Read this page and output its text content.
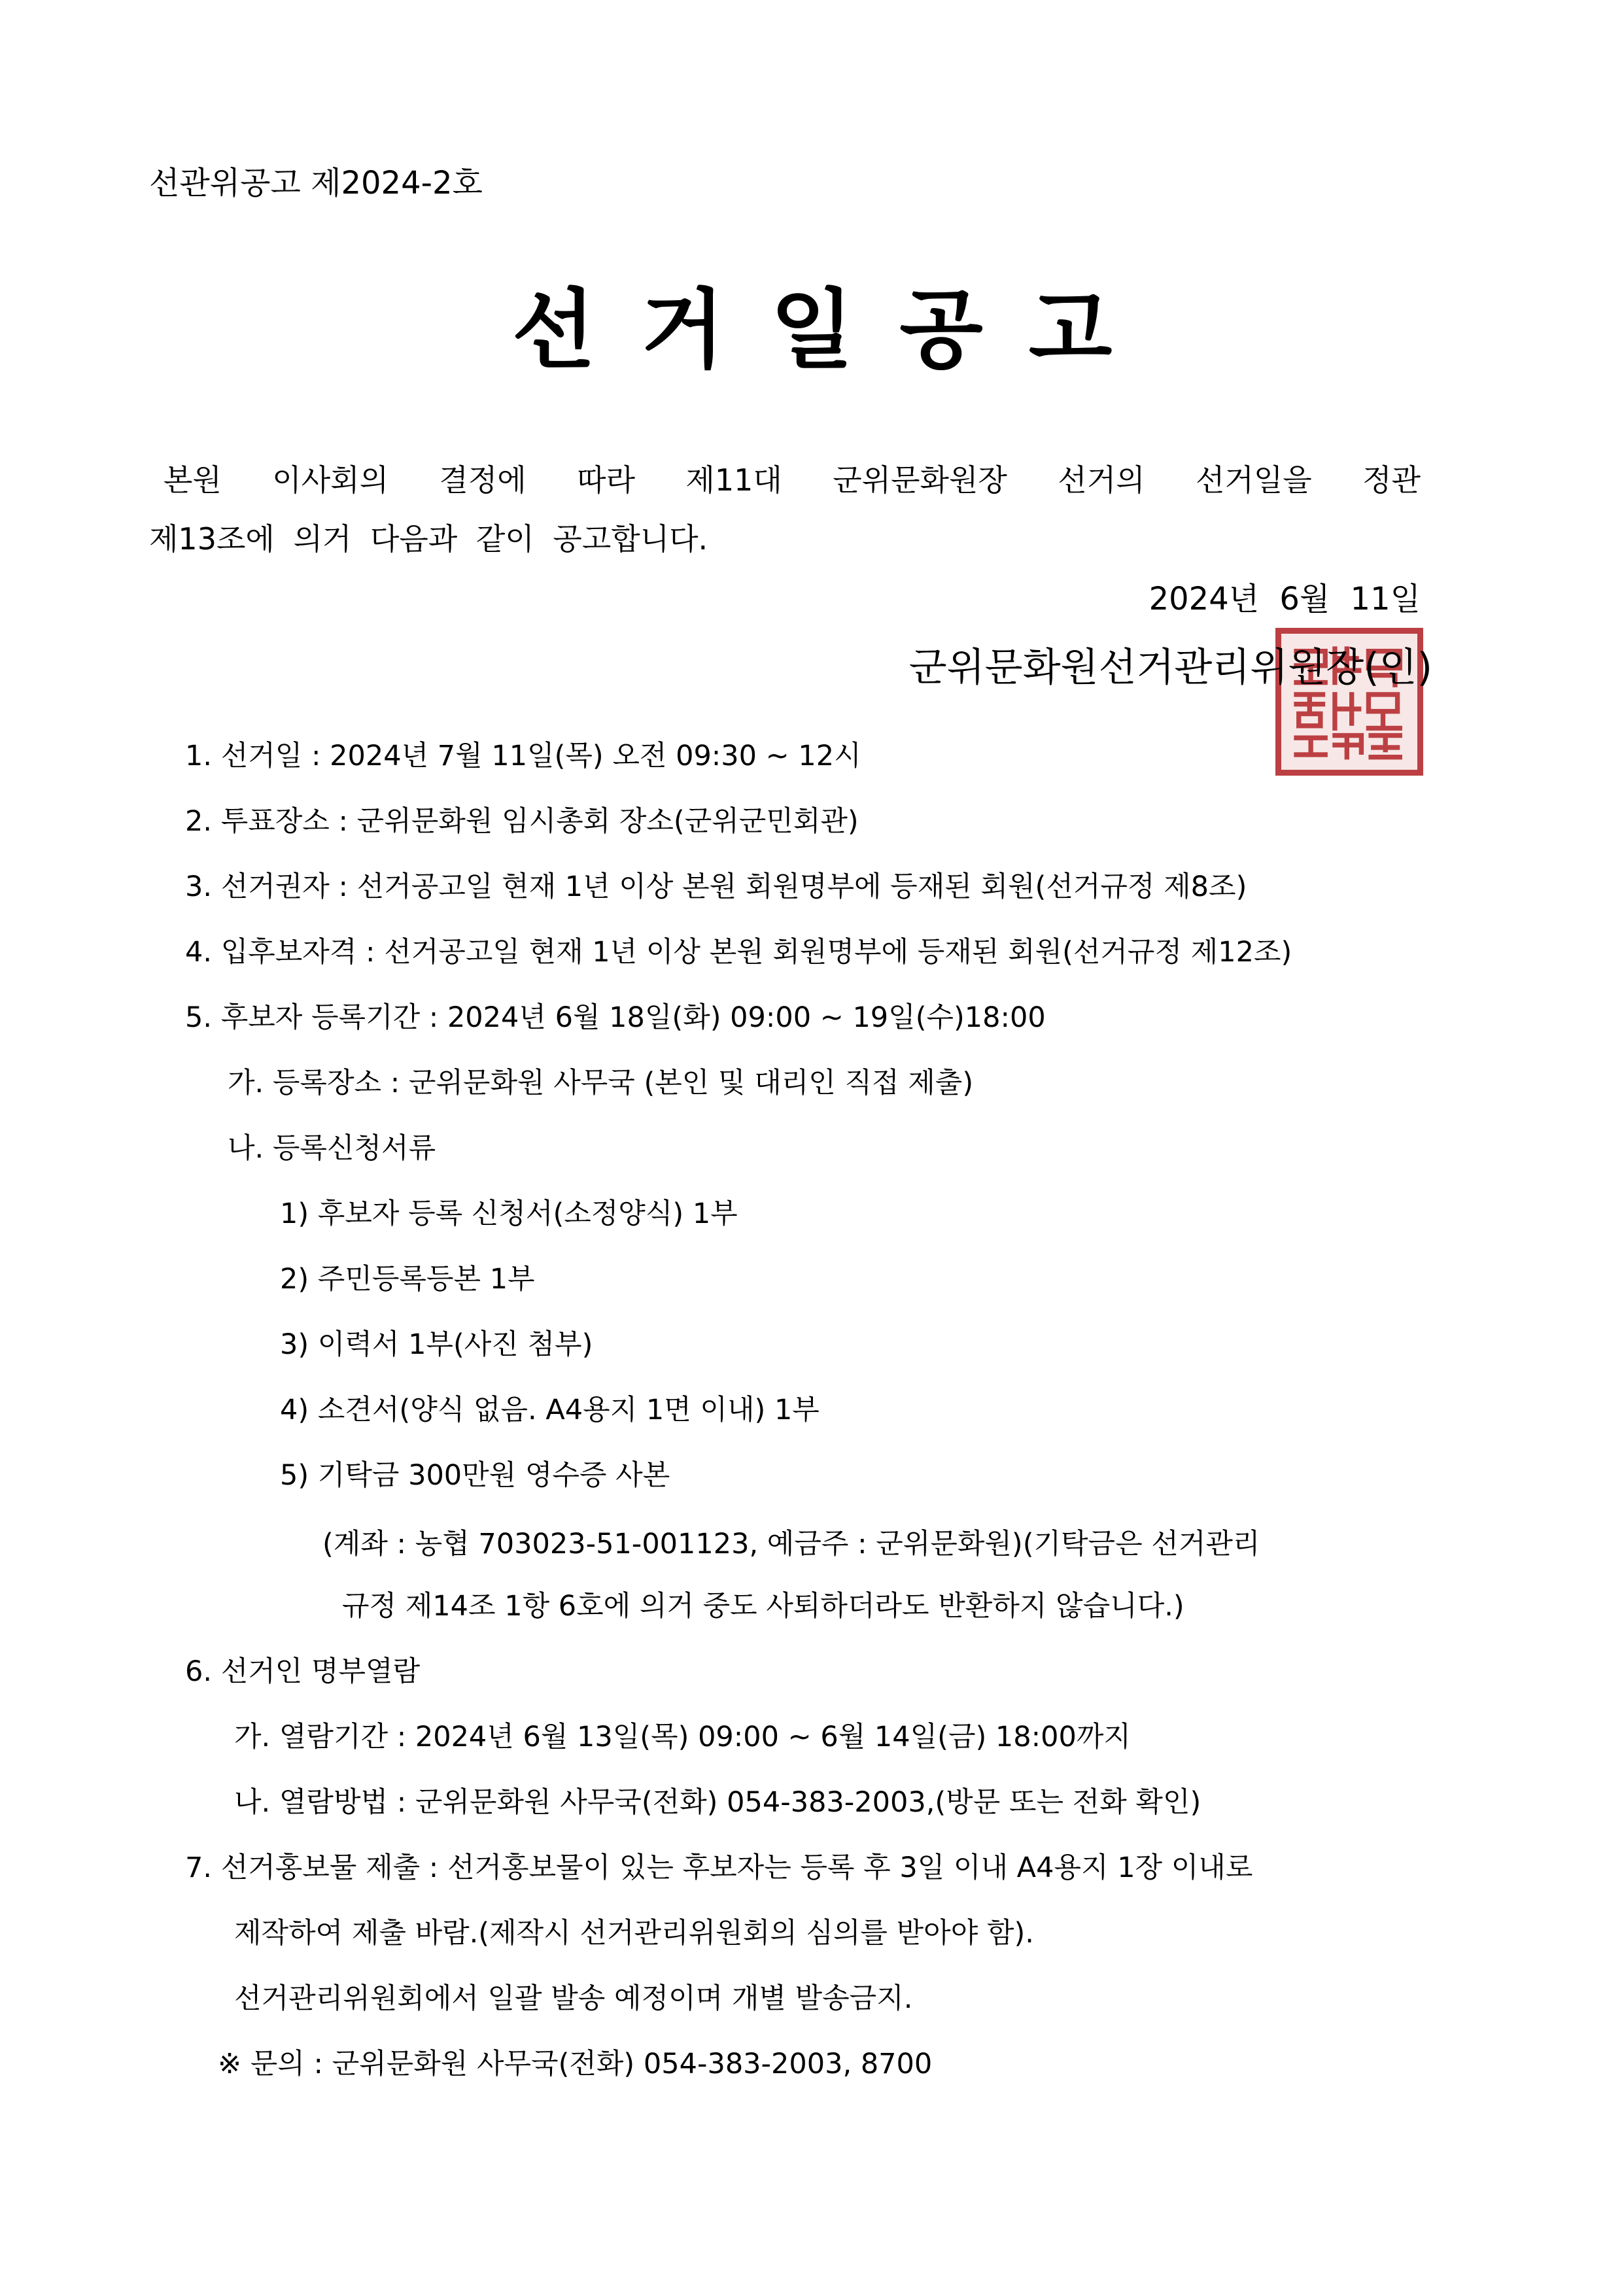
선관위공고 제2024-2호
선거일공고
본원 이사회의 결정에 따라 제11대 군위문화원장 선거의 선거일을 정관
제13조에 의거 다음과 같이 공고합니다.
2024년 6월 11일
군위문화원선거관리위원장(인)
1. 선거일 : 2024년 7월 11일(목) 오전 09:30 ~ 12시
2. 투표장소 : 군위문화원 임시총회 장소(군위군민회관)
3. 선거권자 : 선거공고일 현재 1년 이상 본원 회원명부에 등재된 회원(선거규정 제8조)
4. 입후보자격 : 선거공고일 현재 1년 이상 본원 회원명부에 등재된 회원(선거규정 제12조)
5. 후보자 등록기간 : 2024년 6월 18일(화) 09:00 ~ 19일(수)18:00
가. 등록장소 : 군위문화원 사무국 (본인 및 대리인 직접 제출)
나. 등록신청서류
1) 후보자 등록 신청서(소정양식) 1부
2) 주민등록등본 1부
3) 이력서 1부(사진 첨부)
4) 소견서(양식 없음. A4용지 1면 이내) 1부
5) 기탁금 300만원 영수증 사본
(계좌 : 농협 703023-51-001123, 예금주 : 군위문화원)(기탁금은 선거관리
규정 제14조 1항 6호에 의거 중도 사퇴하더라도 반환하지 않습니다.)
6. 선거인 명부열람
가. 열람기간 : 2024년 6월 13일(목) 09:00 ~ 6월 14일(금) 18:00까지
나. 열람방법 : 군위문화원 사무국(전화) 054-383-2003,(방문 또는 전화 확인)
7. 선거홍보물 제출 : 선거홍보물이 있는 후보자는 등록 후 3일 이내 A4용지 1장 이내로
제작하여 제출 바람.(제작시 선거관리위원회의 심의를 받아야 함).
선거관리위원회에서 일괄 발송 예정이며 개별 발송금지.
※ 문의 : 군위문화원 사무국(전화) 054-383-2003, 8700
